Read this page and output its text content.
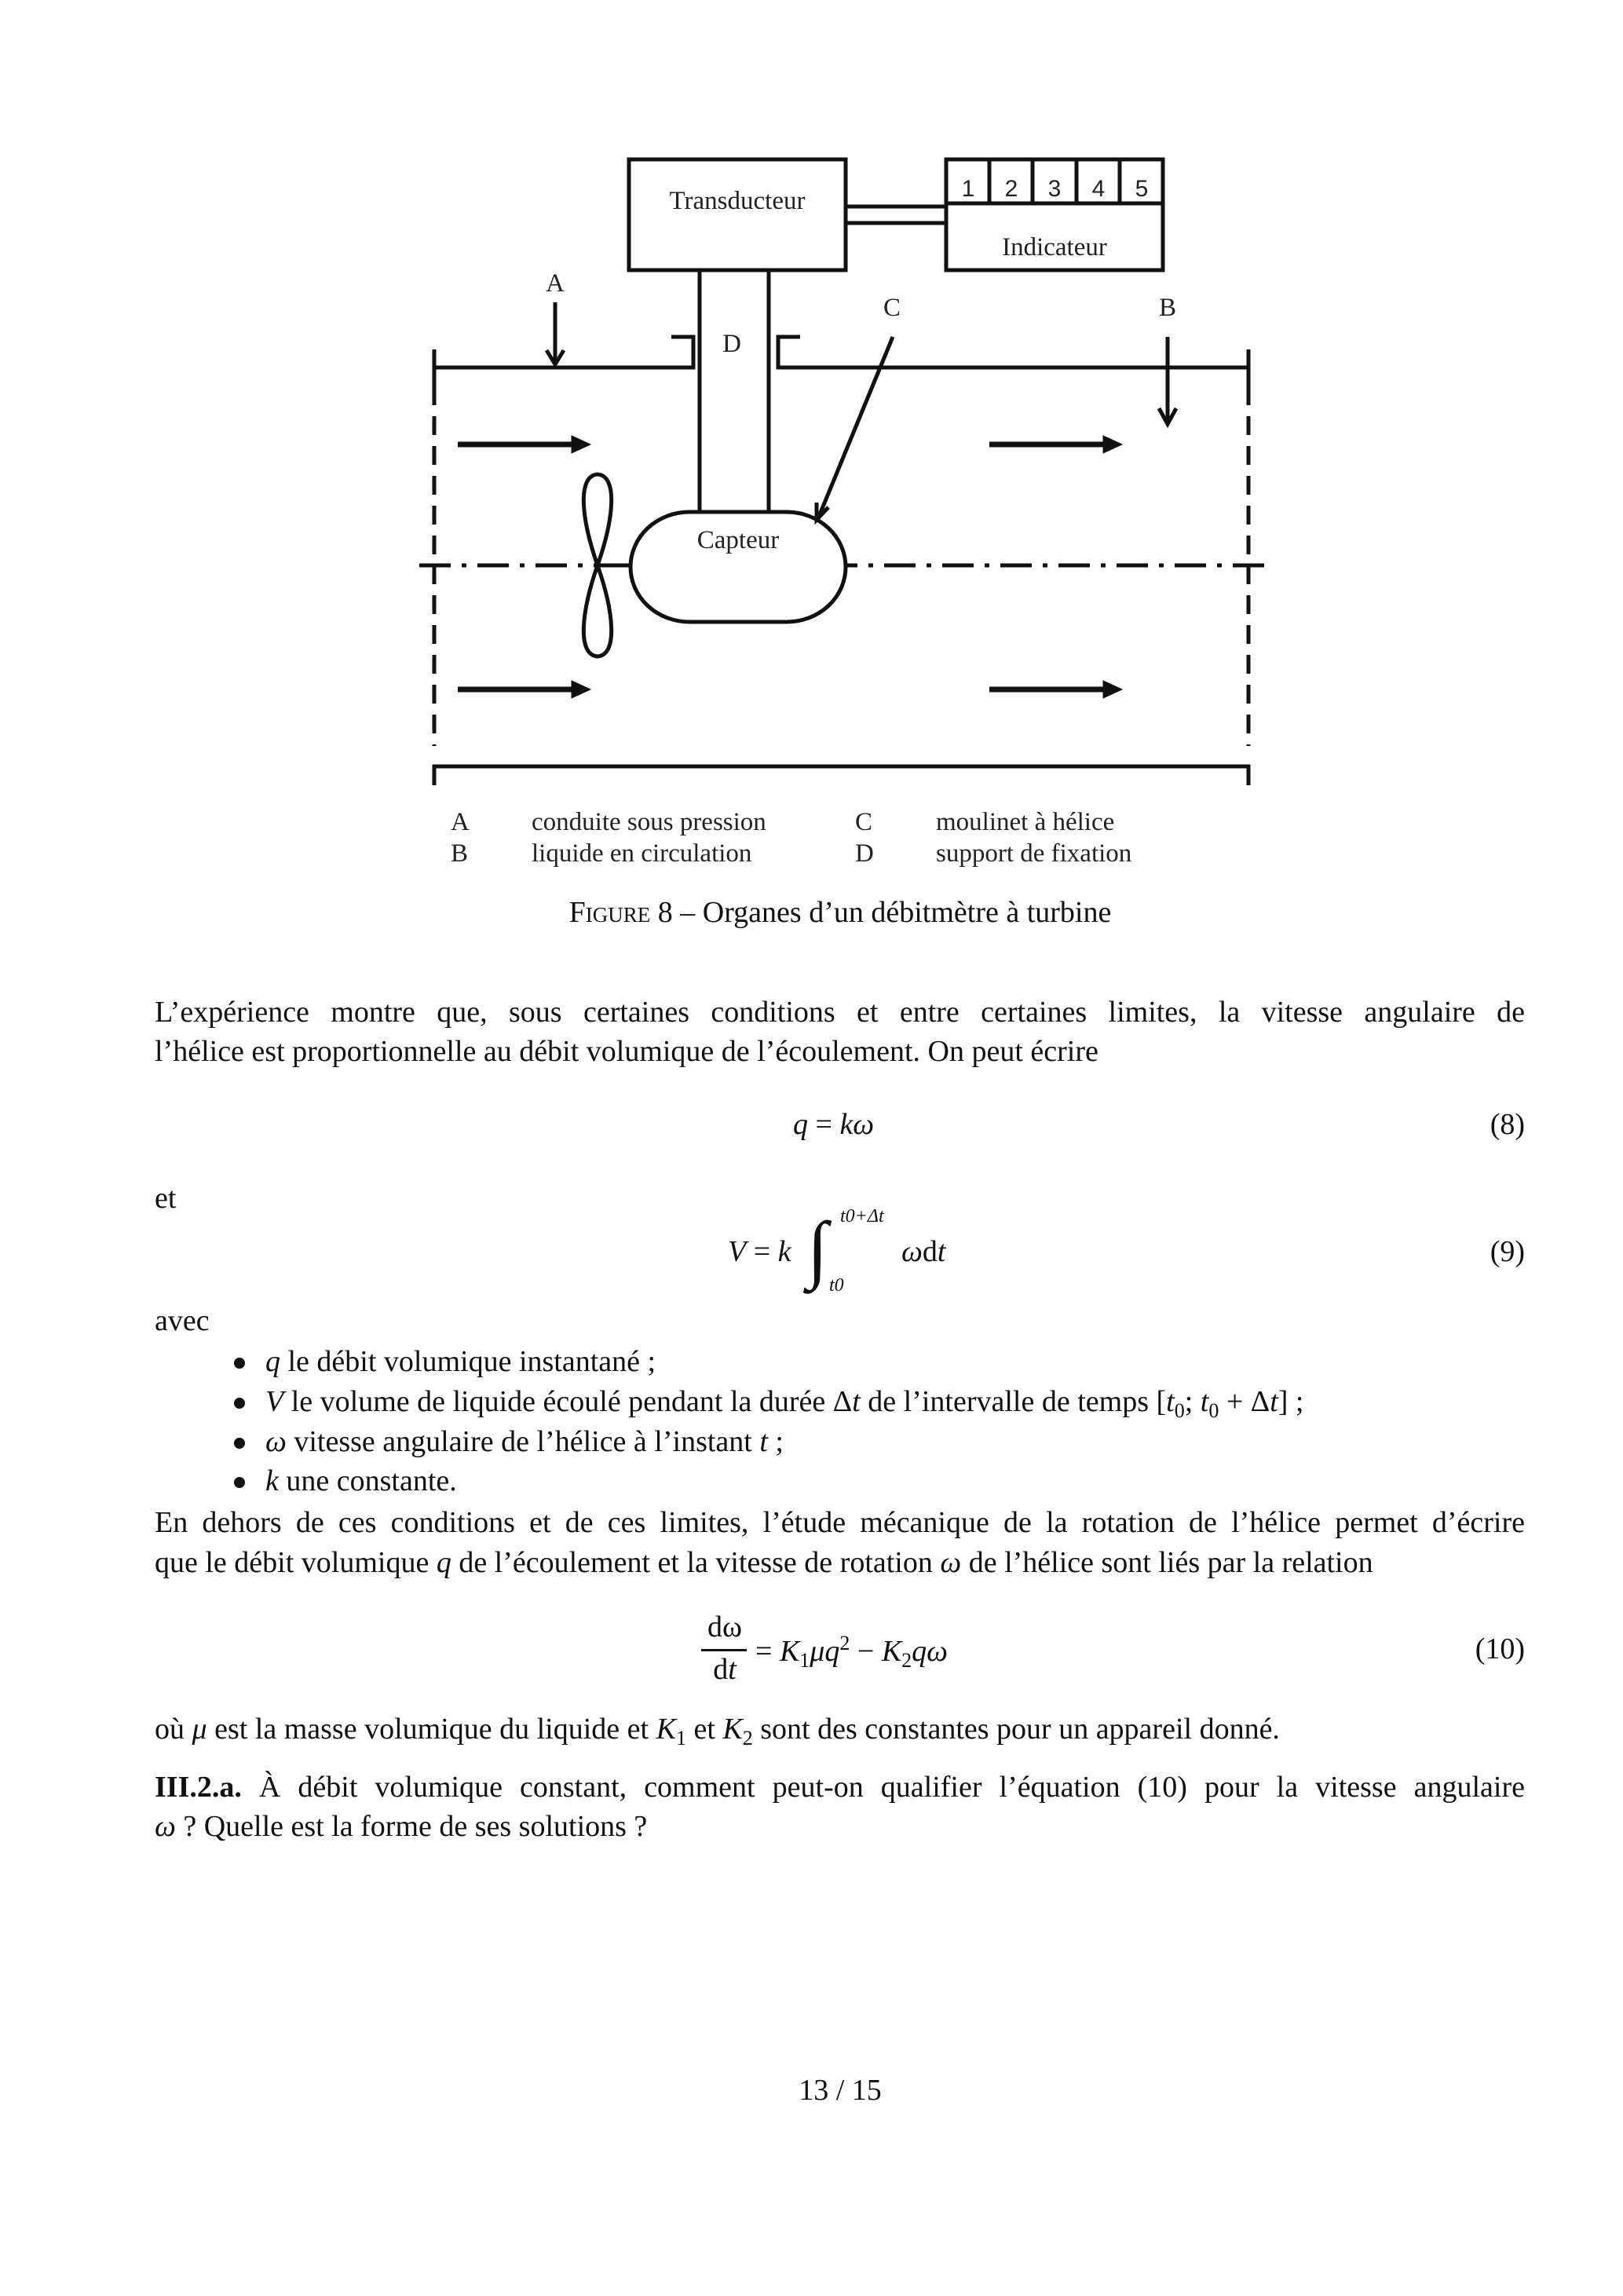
Transducteur
Indicateur
1 2 3 4 5
Capteur
A
C	B
D
A conduite sous pression
B liquide en circulation
C moulinet à hélice
D support de fixation
Figure 8 – Organes d’un débitmètre à turbine
L’expérience montre que, sous certaines conditions et entre certaines limites, la vitesse angulaire de
l’hélice est proportionnelle au débit volumique de l’écoulement. On peut écrire
q = kω	(8)
et
V = k ∫ t0+Δt
t0
ωdt	(9)
avec
q le débit volumique instantané ;
V le volume de liquide écoulé pendant la durée Δt de l’intervalle de temps [$t_0$; $t_0 + \Delta t$] ;
ω vitesse angulaire de l’hélice à l’instant t ;
k une constante.
En dehors de ces conditions et de ces limites, l’étude mécanique de la rotation de l’hélice permet d’écrire
que le débit volumique q de l’écoulement et la vitesse de rotation ω de l’hélice sont liés par la relation
dω
dt
= $K_1\mu q^2 - K_2q\omega$	(10)
où μ est la masse volumique du liquide et $K_1$ et $K_2$ sont des constantes pour un appareil donné.
III.2.a. À débit volumique constant, comment peut-on qualifier l’équation (10) pour la vitesse angulaire
ω ? Quelle est la forme de ses solutions ?
13 / 15
